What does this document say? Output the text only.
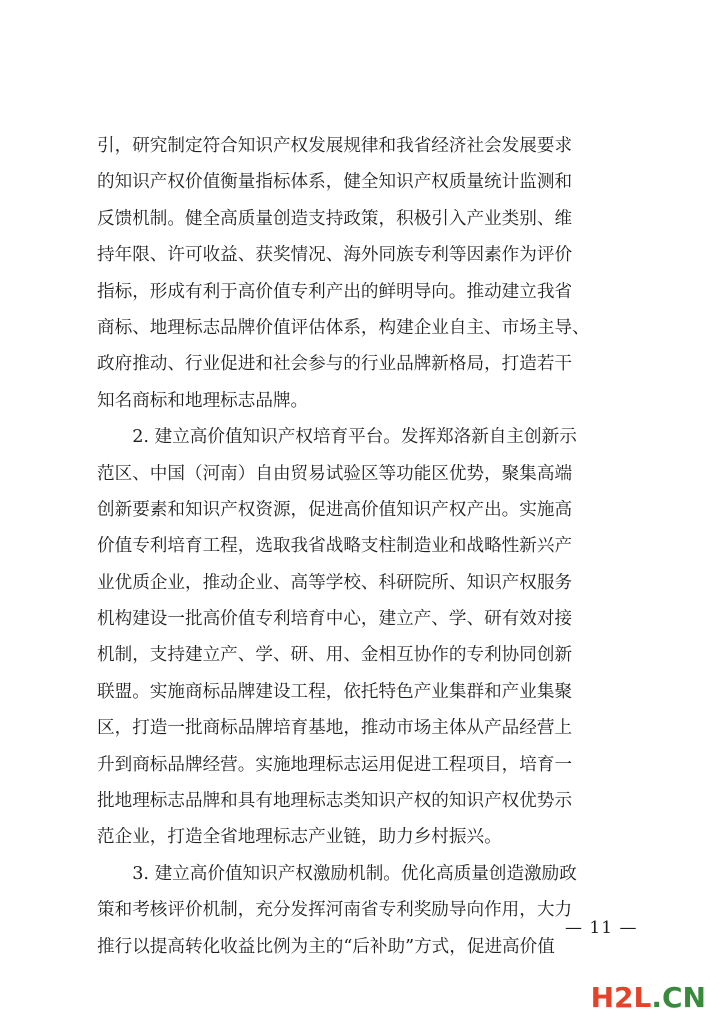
引，研究制定符合知识产权发展规律和我省经济社会发展要求
的知识产权价值衡量指标体系，健全知识产权质量统计监测和
反馈机制。健全高质量创造支持政策，积极引入产业类别、维
持年限、许可收益、获奖情况、海外同族专利等因素作为评价
指标，形成有利于高价值专利产出的鲜明导向。推动建立我省
商标、地理标志品牌价值评估体系，构建企业自主、市场主导、
政府推动、行业促进和社会参与的行业品牌新格局，打造若干
知名商标和地理标志品牌。
　　2. 建立高价值知识产权培育平台。发挥郑洛新自主创新示
范区、中国（河南）自由贸易试验区等功能区优势，聚集高端
创新要素和知识产权资源，促进高价值知识产权产出。实施高
价值专利培育工程，选取我省战略支柱制造业和战略性新兴产
业优质企业，推动企业、高等学校、科研院所、知识产权服务
机构建设一批高价值专利培育中心，建立产、学、研有效对接
机制，支持建立产、学、研、用、金相互协作的专利协同创新
联盟。实施商标品牌建设工程，依托特色产业集群和产业集聚
区，打造一批商标品牌培育基地，推动市场主体从产品经营上
升到商标品牌经营。实施地理标志运用促进工程项目，培育一
批地理标志品牌和具有地理标志类知识产权的知识产权优势示
范企业，打造全省地理标志产业链，助力乡村振兴。
　　3. 建立高价值知识产权激励机制。优化高质量创造激励政
策和考核评价机制，充分发挥河南省专利奖励导向作用，大力
推行以提高转化收益比例为主的“后补助”方式，促进高价值
— 11 —
H2L.CN
